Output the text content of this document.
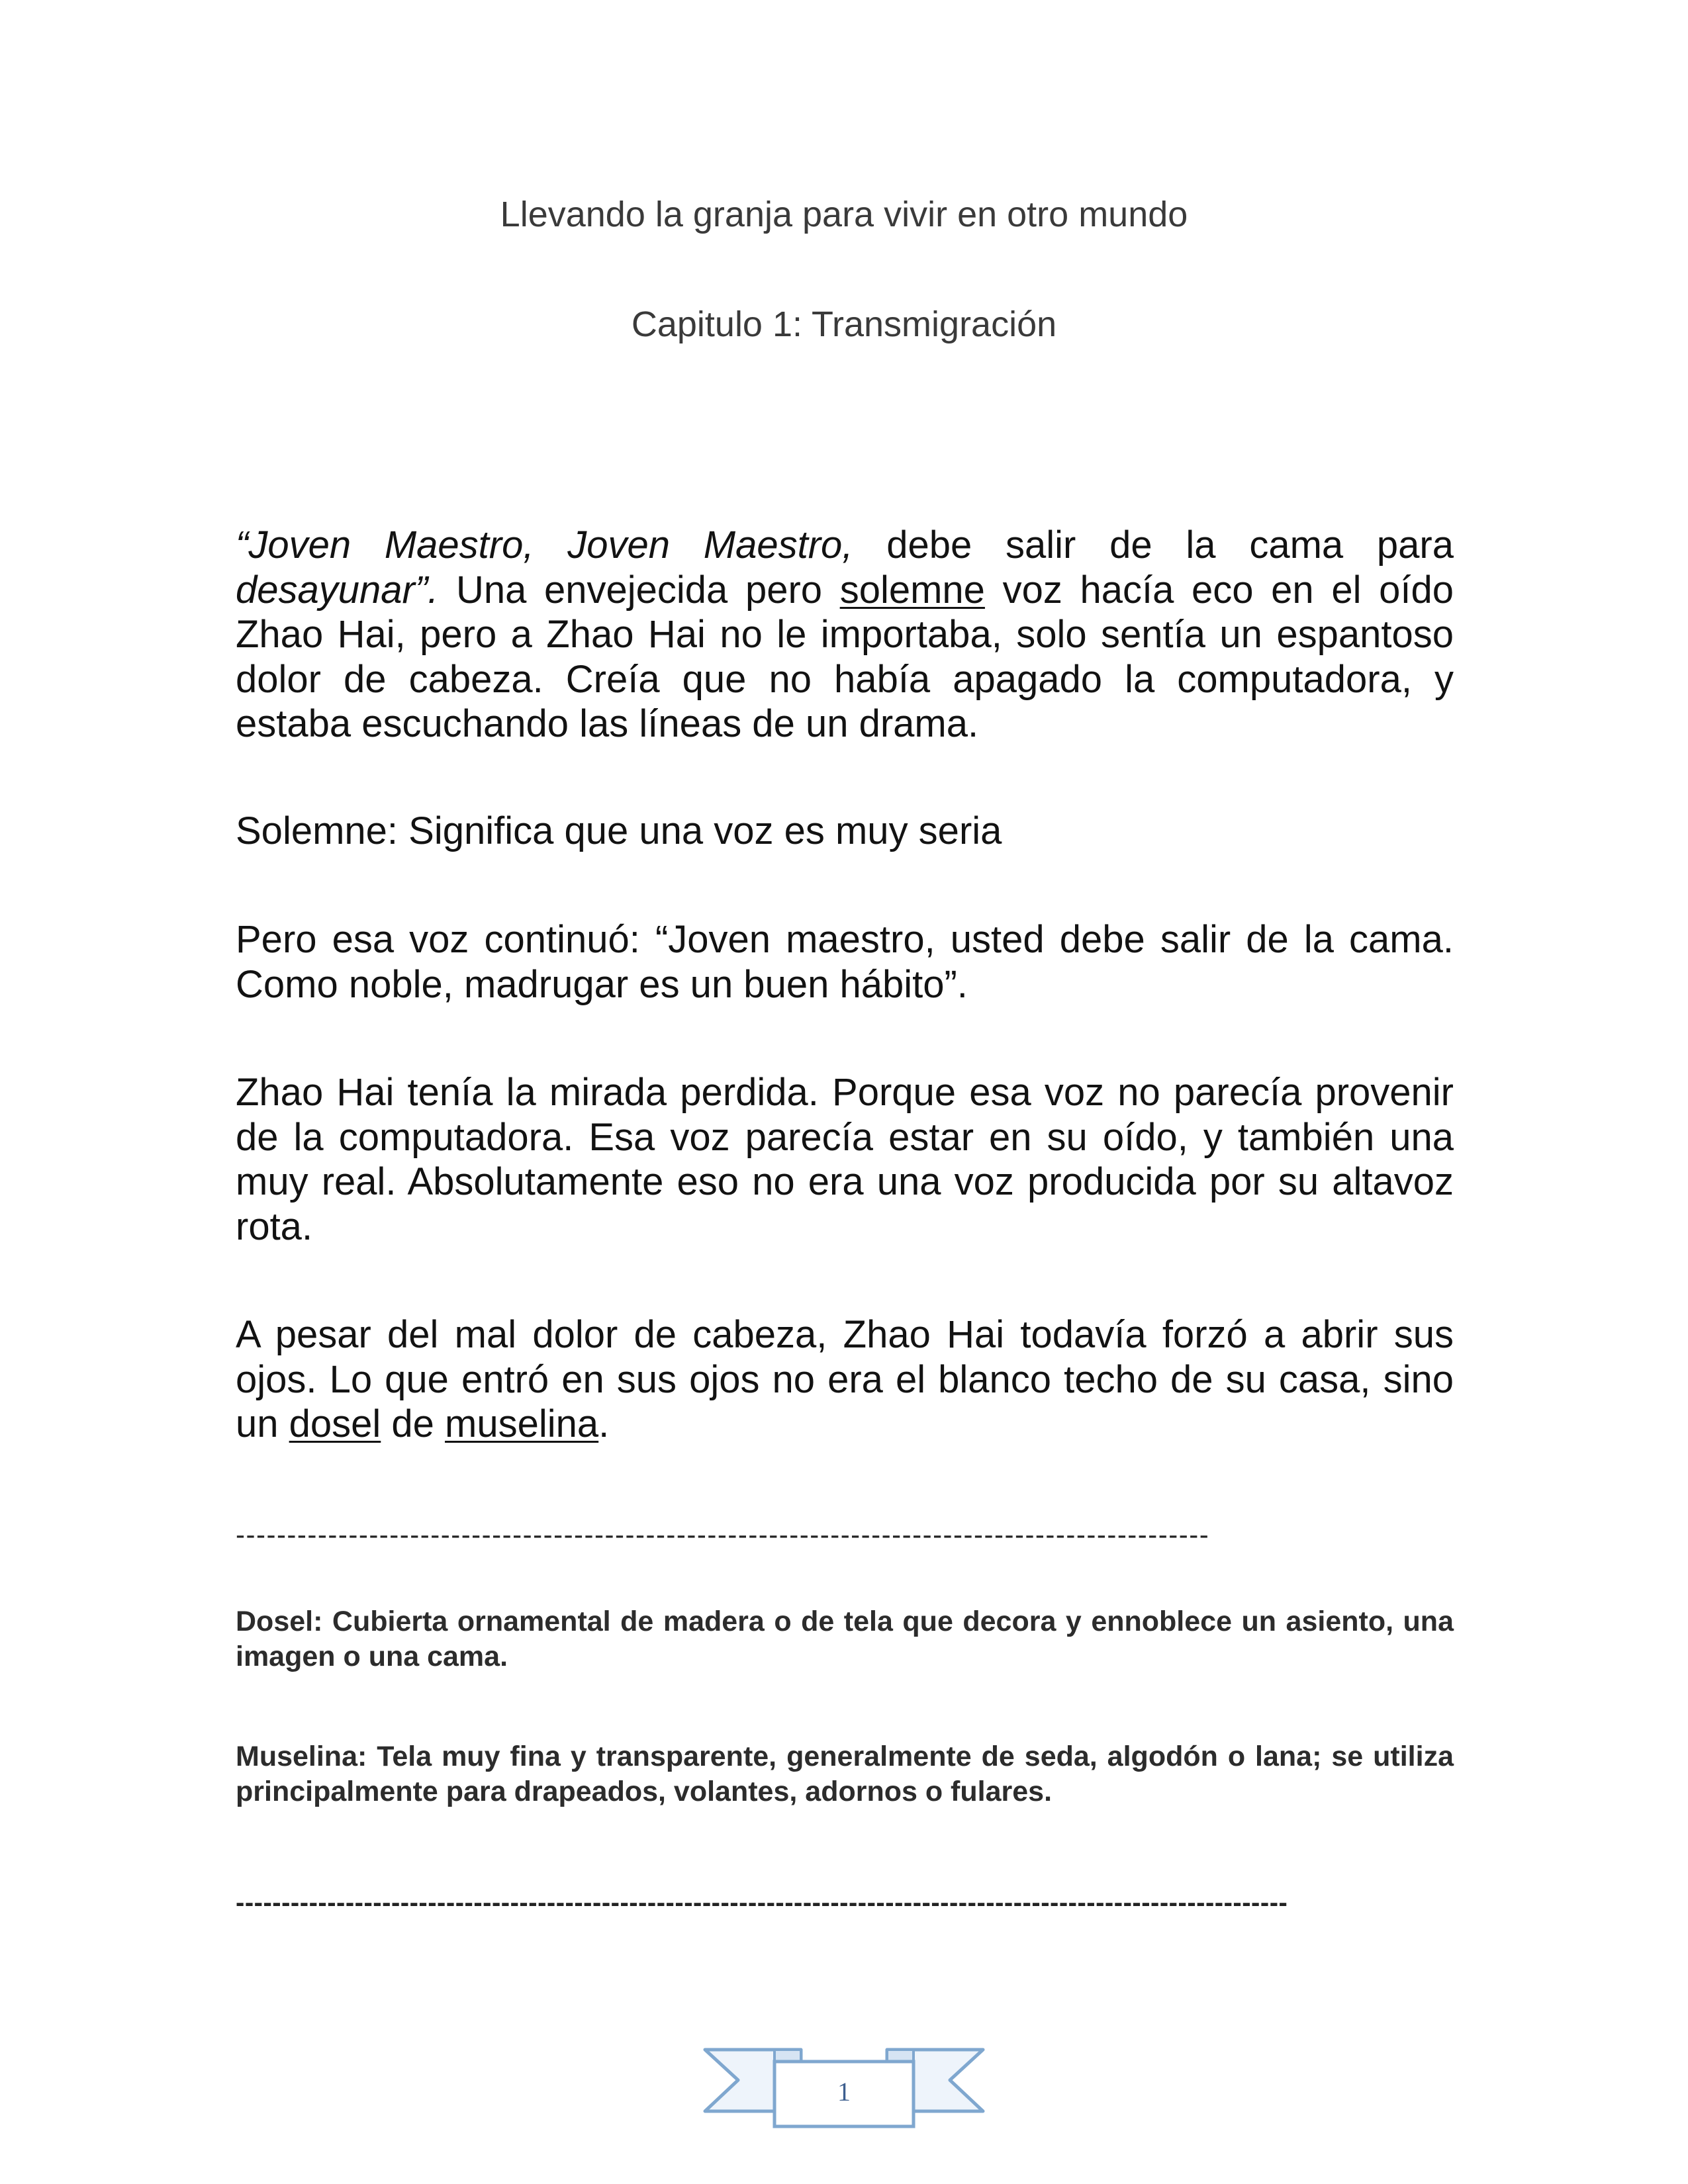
Llevando la granja para vivir en otro mundo
Capitulo 1: Transmigración

“Joven Maestro, Joven Maestro, debe salir de la cama para desayunar”. Una envejecida pero solemne voz hacía eco en el oído Zhao Hai, pero a Zhao Hai no le importaba, solo sentía un espantoso dolor de cabeza. Creía que no había apagado la computadora, y estaba escuchando las líneas de un drama.

Solemne: Significa que una voz es muy seria

Pero esa voz continuó: “Joven maestro, usted debe salir de la cama. Como noble, madrugar es un buen hábito”.

Zhao Hai tenía la mirada perdida. Porque esa voz no parecía provenir de la computadora. Esa voz parecía estar en su oído, y también una muy real. Absolutamente eso no era una voz producida por su altavoz rota.

A pesar del mal dolor de cabeza, Zhao Hai todavía forzó a abrir sus ojos. Lo que entró en sus ojos no era el blanco techo de su casa, sino un dosel de muselina.

-----------------------------------------------------------------------------------------------

Dosel: Cubierta ornamental de madera o de tela que decora y ennoblece un asiento, una imagen o una cama.

Muselina: Tela muy fina y transparente, generalmente de seda, algodón o lana; se utiliza principalmente para drapeados, volantes, adornos o fulares.

-------------------------------------------------------------------------------------------------------------------
1
